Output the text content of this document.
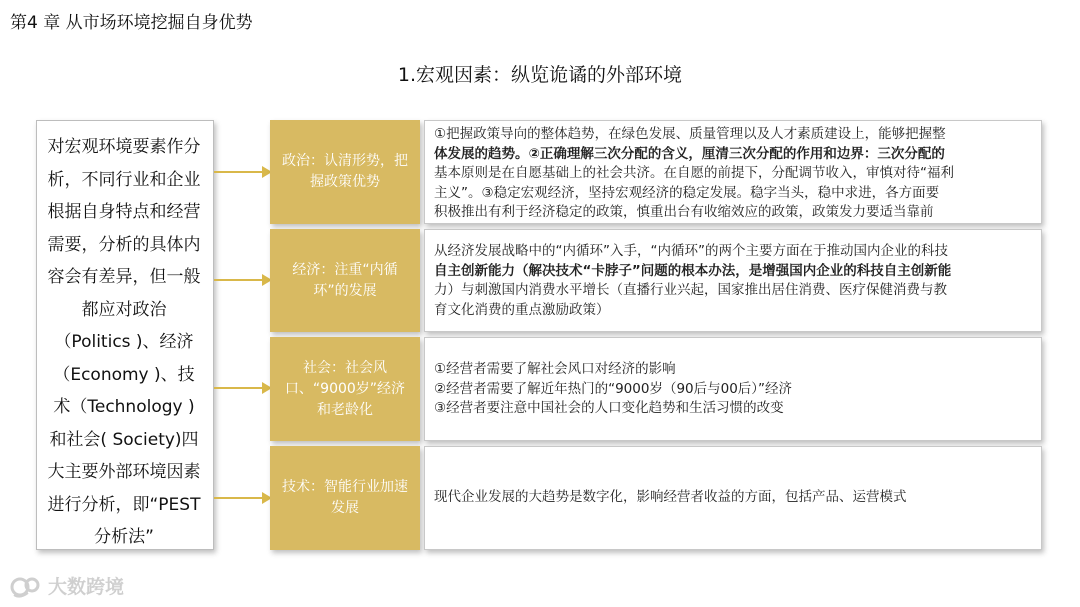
第4 章 从市场环境挖掘自身优势
1.宏观因素：纵览诡谲的外部环境
对宏观环境要素作分析，不同行业和企业根据自身特点和经营需要，分析的具体内容会有差异，但一般都应对政治（Politics )、经济（Economy )、技术（Technology )和社会( Society)四大主要外部环境因素进行分析，即“PEST分析法”
政治：认清形势，把握政策优势

①把握政策导向的整体趋势，在绿色发展、质量管理以及人才素质建设上，能够把握整

体发展的趋势。②正确理解三次分配的含义，厘清三次分配的作用和边界：三次分配的

基本原则是在自愿基础上的社会共济。在自愿的前提下，分配调节收入，审慎对待“福利

主义”。③稳定宏观经济，坚持宏观经济的稳定发展。稳字当头，稳中求进，各方面要

积极推出有利于经济稳定的政策，慎重出台有收缩效应的政策，政策发力要适当靠前

经济：注重“内循环”的发展

从经济发展战略中的“内循环”入手，“内循环”的两个主要方面在于推动国内企业的科技

自主创新能力（解决技术“卡脖子”问题的根本办法，是增强国内企业的科技自主创新能

力）与刺激国内消费水平增长（直播行业兴起，国家推出居住消费、医疗保健消费与教

育文化消费的重点激励政策）

社会：社会风口、“9000岁”经济和老龄化

①经营者需要了解社会风口对经济的影响

②经营者需要了解近年热门的“9000岁（90后与00后）”经济

③经营者要注意中国社会的人口变化趋势和生活习惯的改变

技术：智能行业加速发展

现代企业发展的大趋势是数字化，影响经营者收益的方面，包括产品、运营模式

大数跨境
